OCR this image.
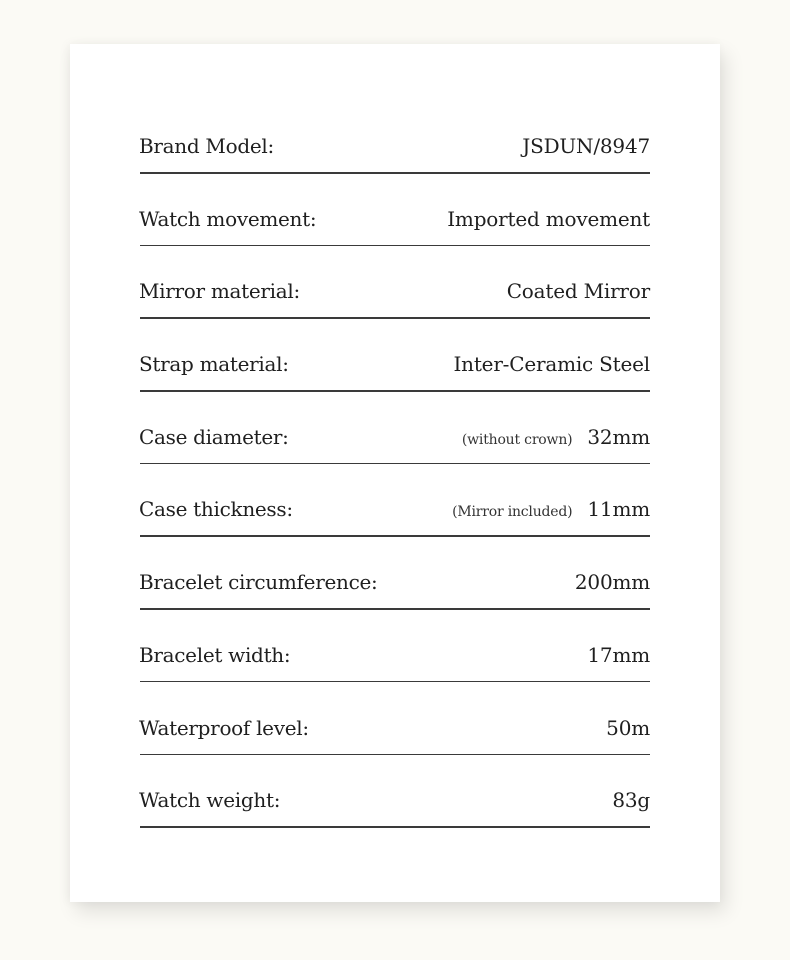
Brand Model:	JSDUN/8947
Watch movement:	Imported movement
Mirror material:	Coated Mirror
Strap material:	Inter-Ceramic Steel
Case diameter:	(without crown) 32mm
Case thickness:	(Mirror included) 11mm
Bracelet circumference:	200mm
Bracelet width:	17mm
Waterproof level:	50m
Watch weight:	83g
